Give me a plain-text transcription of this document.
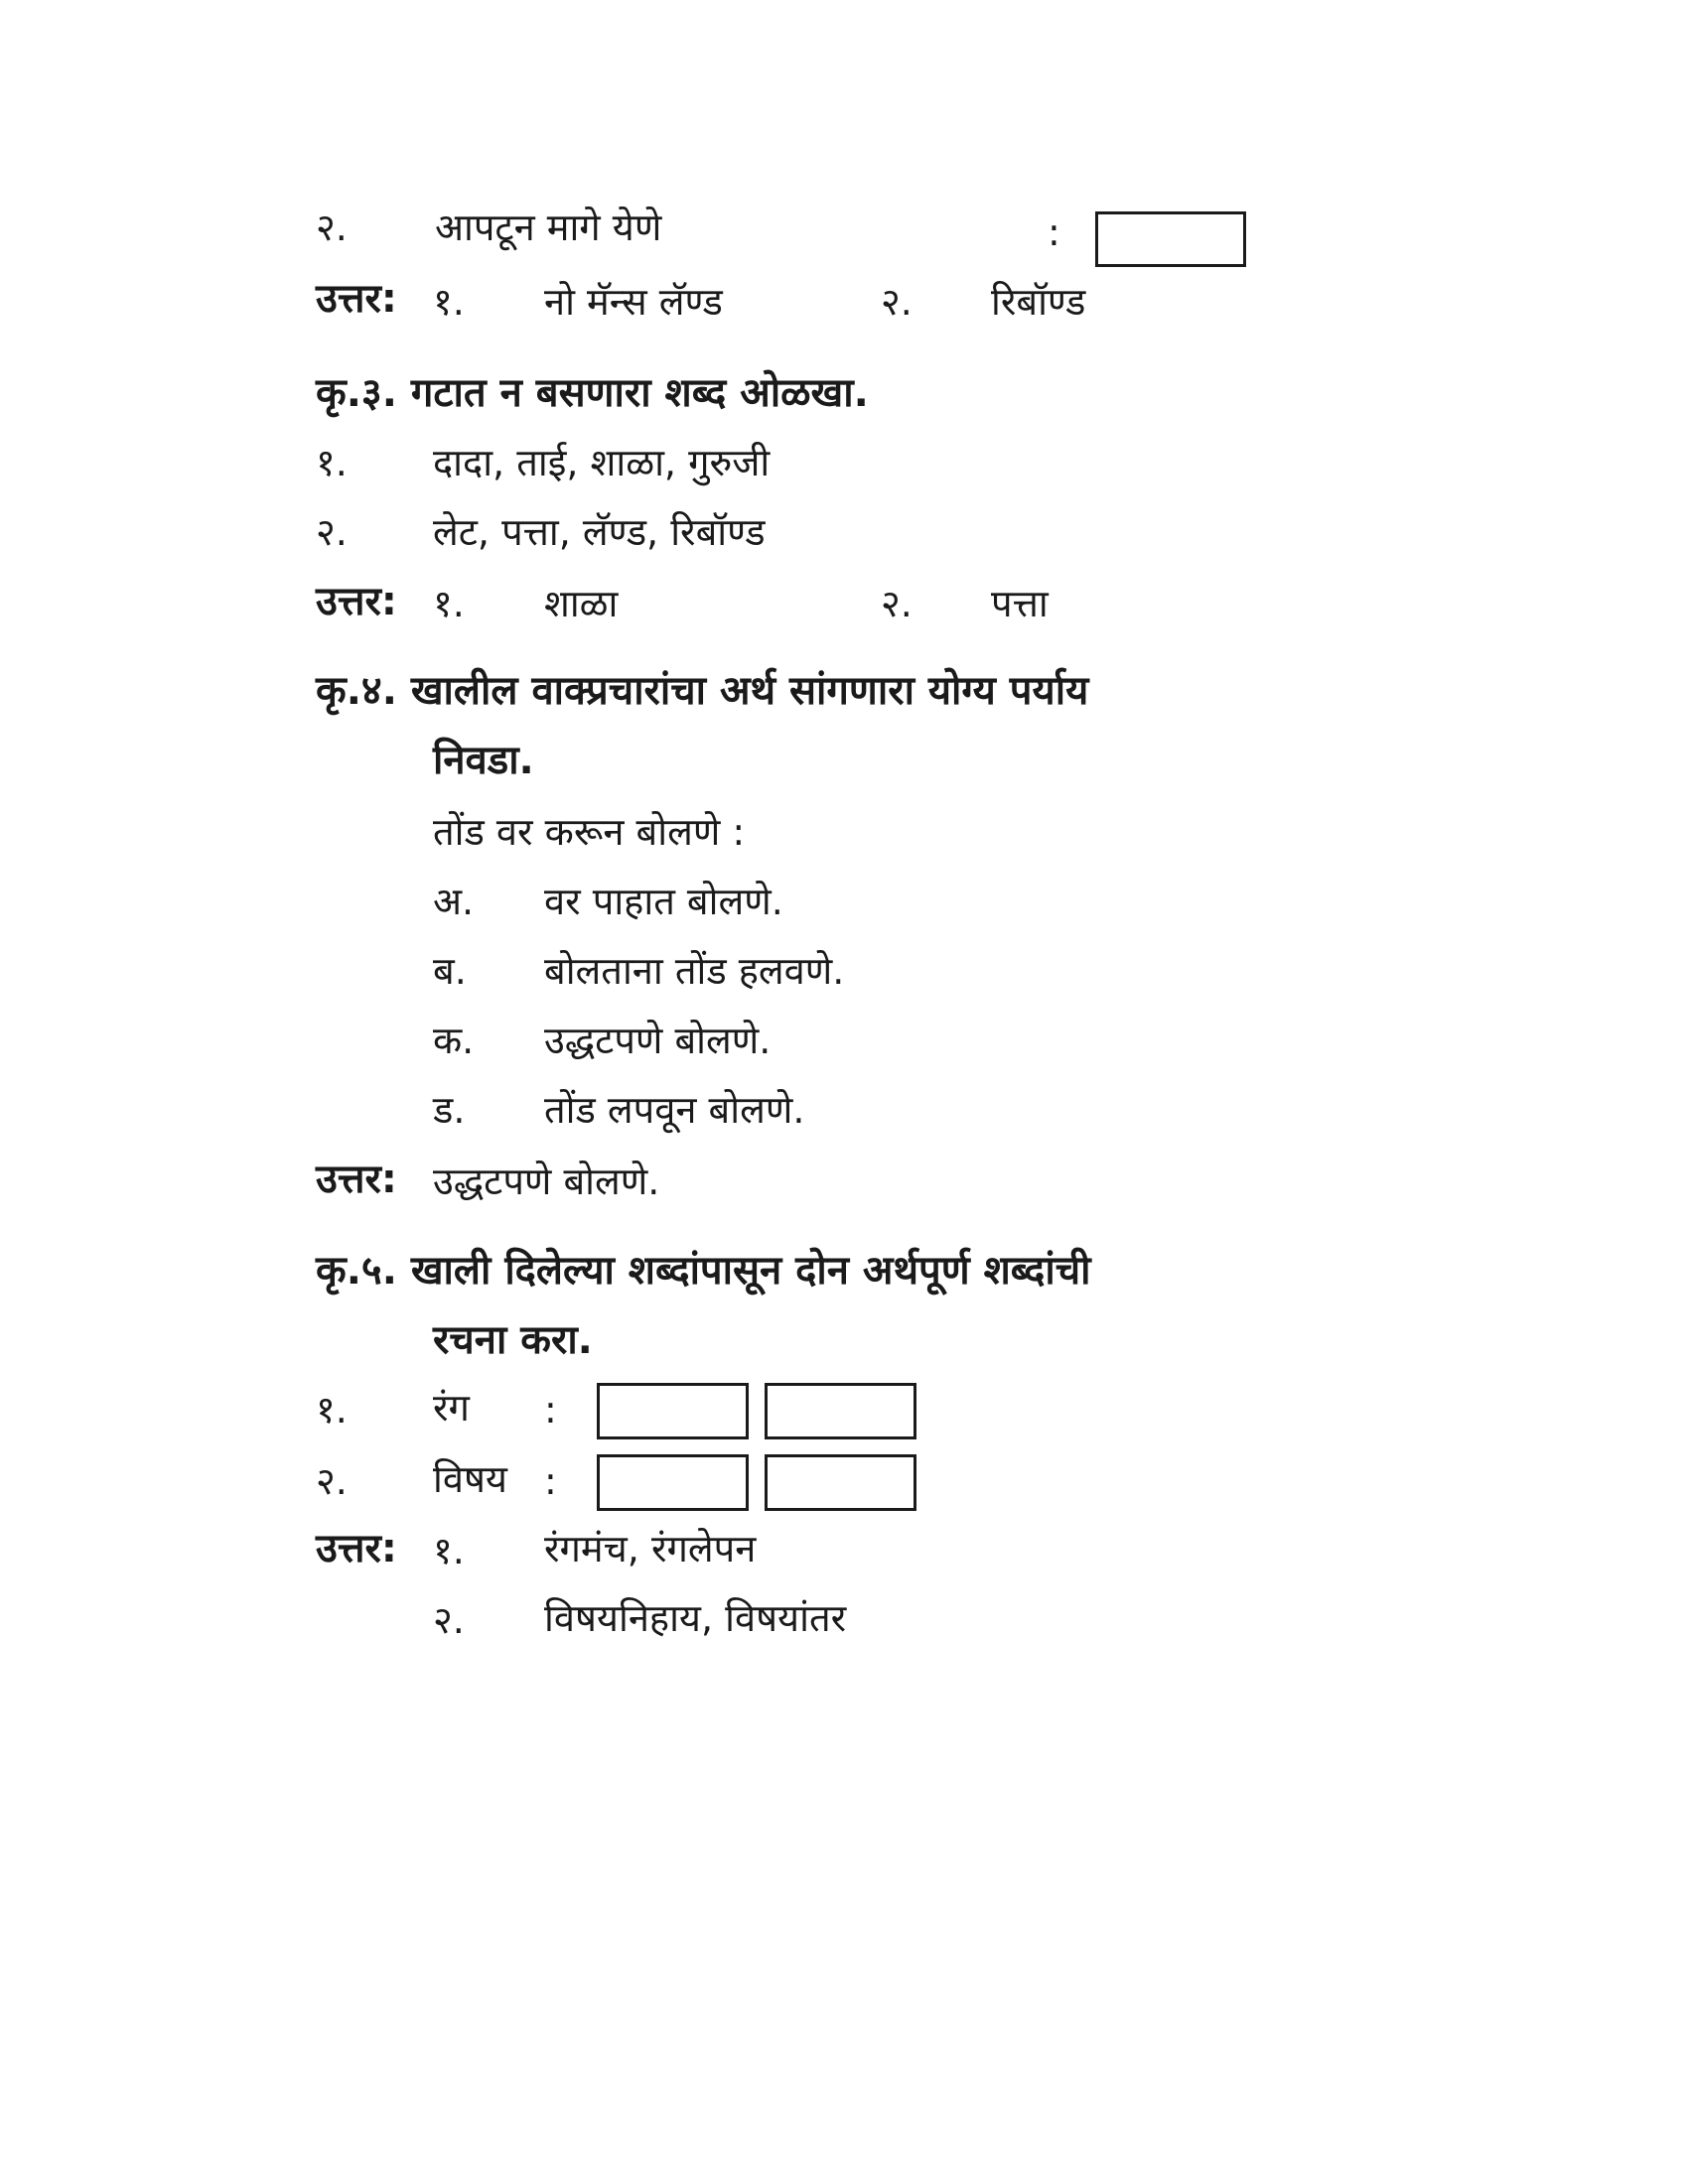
२. आपटून मागे येणे	:
उत्तर: १. नो मॅन्स लॅण्ड	२. रिबॉण्ड
कृ.३. गटात न बसणारा शब्द ओळखा.
१. दादा, ताई, शाळा, गुरुजी
२. लेट, पत्ता, लॅण्ड, रिबॉण्ड
उत्तर: १. शाळा	२. पत्ता
कृ.४. खालील वाक्प्रचारांचा अर्थ सांगणारा योग्य पर्याय
निवडा.
तोंड वर करून बोलणे :
अ. वर पाहात बोलणे.
ब. बोलताना तोंड हलवणे.
क. उद्धटपणे बोलणे.
ड. तोंड लपवून बोलणे.
उत्तर: उद्धटपणे बोलणे.
कृ.५. खाली दिलेल्या शब्दांपासून दोन अर्थपूर्ण शब्दांची
रचना करा.
१. रंग :
२. विषय :
उत्तर: १. रंगमंच, रंगलेपन
२. विषयनिहाय, विषयांतर
